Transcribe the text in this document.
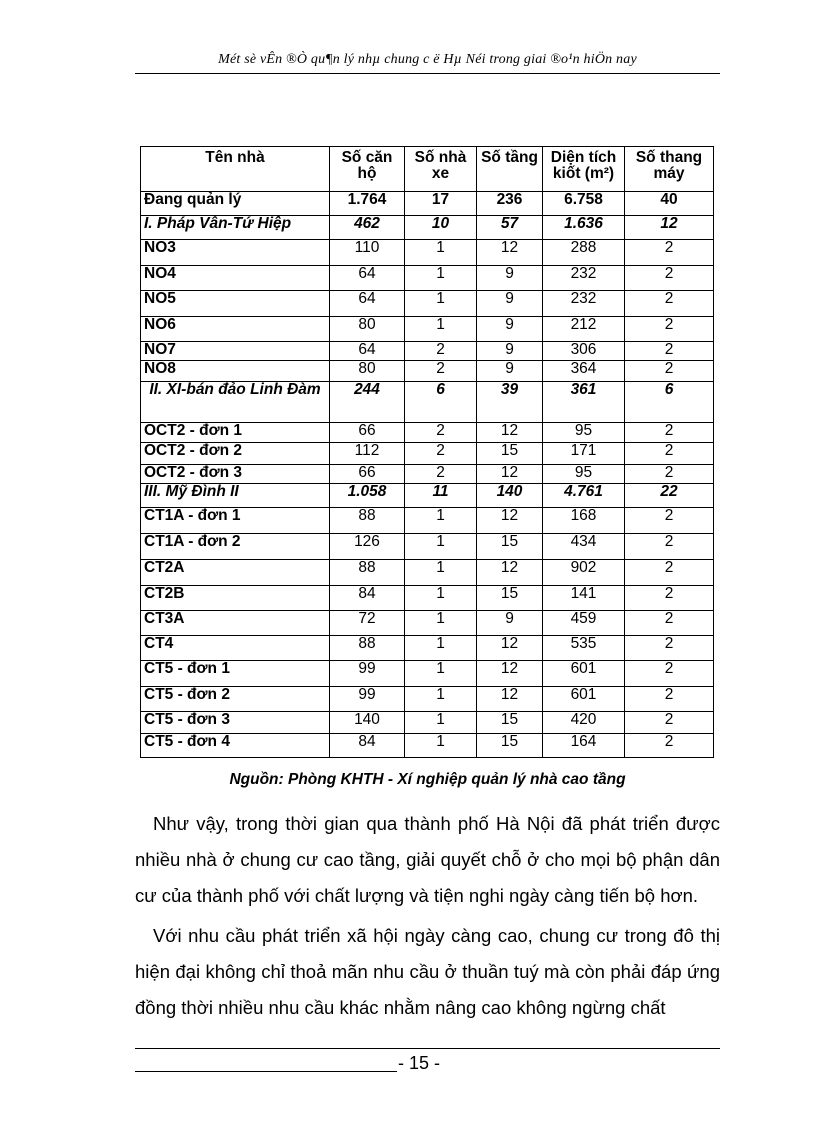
Mét sè vÊn ®Ò qu¶n lý nhµ chung c ë Hµ Néi trong giai ®o¹n hiÖn nay
Tên nhà	Số căn hộ	Số nhà xe	Số tầng	Diện tích kiốt (m²)	Số thang máy
Đang quản lý	1.764	17	236	6.758	40
I. Pháp Vân-Tứ Hiệp	462	10	57	1.636	12
NO3	110	1	12	288	2
NO4	64	1	9	232	2
NO5	64	1	9	232	2
NO6	80	1	9	212	2
NO7	64	2	9	306	2
NO8	80	2	9	364	2
II. XI-bán đảo Linh Đàm	244	6	39	361	6
OCT2 - đơn 1	66	2	12	95	2
OCT2 - đơn 2	112	2	15	171	2
OCT2 - đơn 3	66	2	12	95	2
III. Mỹ Đình II	1.058	11	140	4.761	22
CT1A - đơn 1	88	1	12	168	2
CT1A - đơn 2	126	1	15	434	2
CT2A	88	1	12	902	2
CT2B	84	1	15	141	2
CT3A	72	1	9	459	2
CT4	88	1	12	535	2
CT5 - đơn 1	99	1	12	601	2
CT5 - đơn 2	99	1	12	601	2
CT5 - đơn 3	140	1	15	420	2
CT5 - đơn 4	84	1	15	164	2
Nguồn: Phòng KHTH - Xí nghiệp quản lý nhà cao tầng
Như vậy, trong thời gian qua thành phố Hà Nội đã phát triển được nhiều nhà ở chung cư cao tầng, giải quyết chỗ ở cho mọi bộ phận dân cư của thành phố với chất lượng và tiện nghi ngày càng tiến bộ hơn.
Với nhu cầu phát triển xã hội ngày càng cao, chung cư trong đô thị hiện đại không chỉ thoả mãn nhu cầu ở thuần tuý mà còn phải đáp ứng đồng thời nhiều nhu cầu khác nhằm nâng cao không ngừng chất
- 15 -
